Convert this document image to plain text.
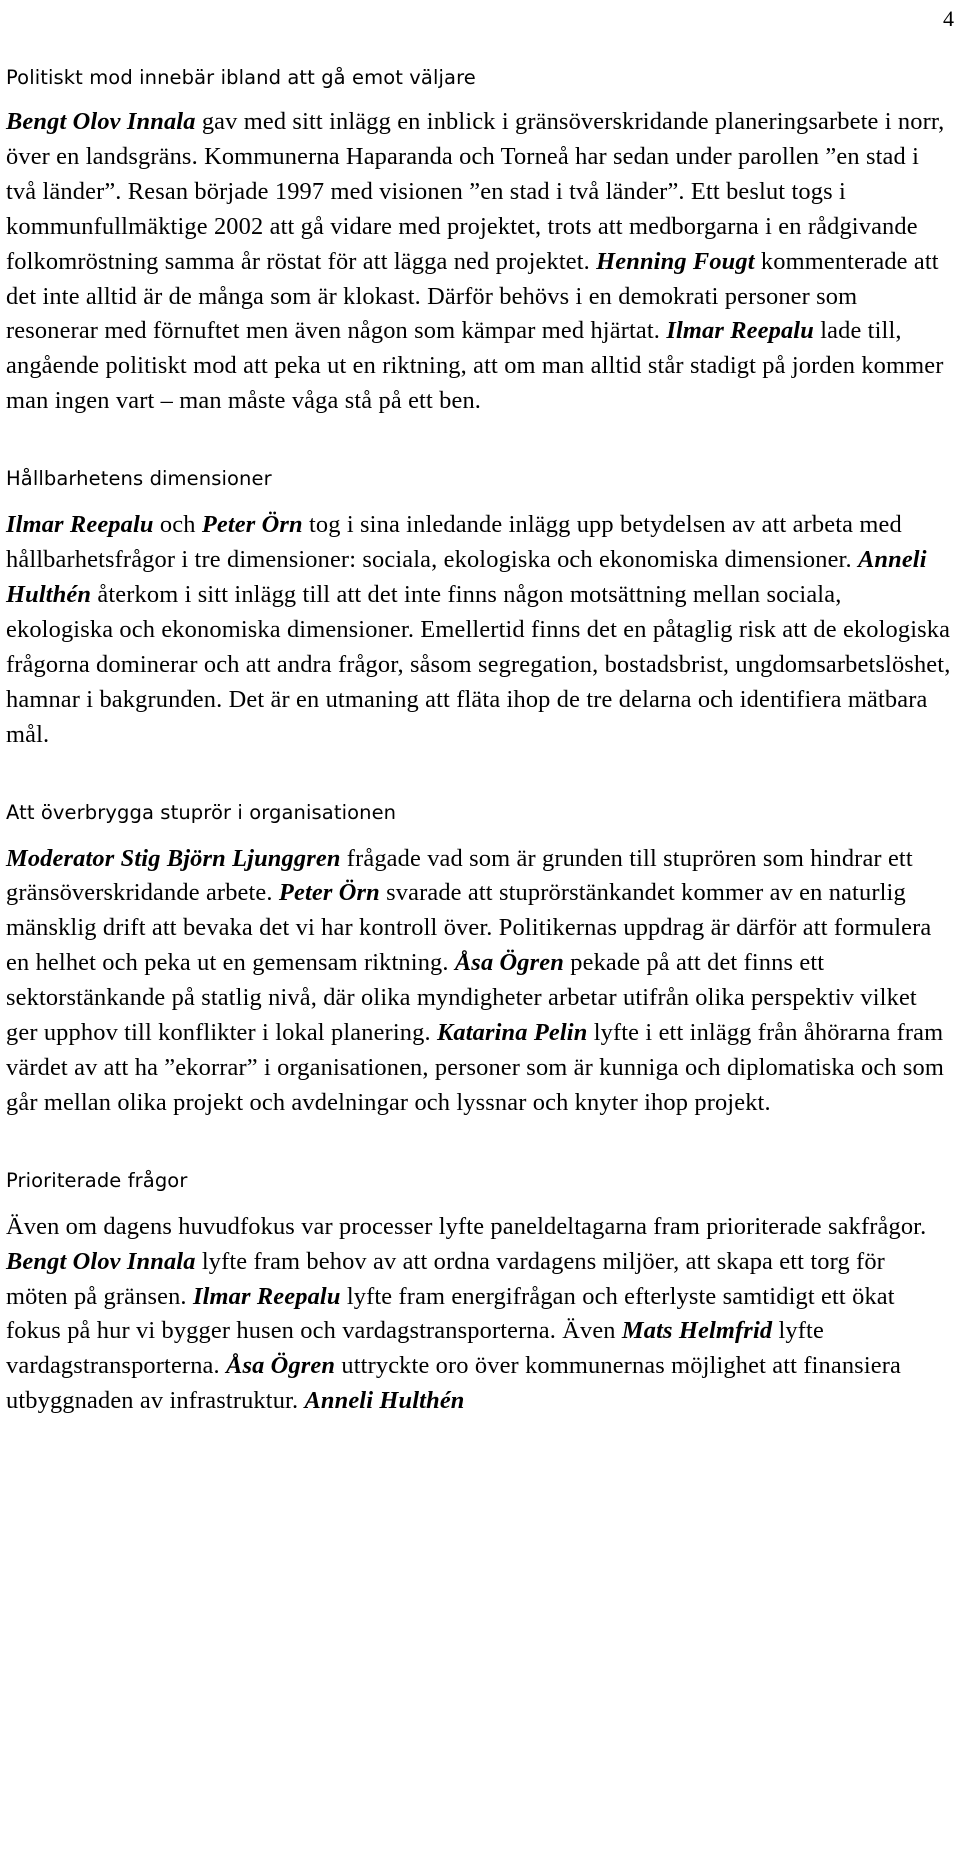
4
Politiskt mod innebär ibland att gå emot väljare

Bengt Olov Innala gav med sitt inlägg en inblick i gränsöverskridande planeringsarbete i norr, över en landsgräns. Kommunerna Haparanda och Torneå har sedan under parollen ”en stad i två länder”. Resan började 1997 med visionen ”en stad i två länder”. Ett beslut togs i kommunfullmäktige 2002 att gå vidare med projektet, trots att medborgarna i en rådgivande folkomröstning samma år röstat för att lägga ned projektet. Henning Fougt kommenterade att det inte alltid är de många som är klokast. Därför behövs i en demokrati personer som resonerar med förnuftet men även någon som kämpar med hjärtat. Ilmar Reepalu lade till, angående politiskt mod att peka ut en riktning, att om man alltid står stadigt på jorden kommer man ingen vart – man måste våga stå på ett ben.

Hållbarhetens dimensioner

Ilmar Reepalu och Peter Örn tog i sina inledande inlägg upp betydelsen av att arbeta med hållbarhetsfrågor i tre dimensioner: sociala, ekologiska och ekonomiska dimensioner. Anneli Hulthén återkom i sitt inlägg till att det inte finns någon motsättning mellan sociala, ekologiska och ekonomiska dimensioner. Emellertid finns det en påtaglig risk att de ekologiska frågorna dominerar och att andra frågor, såsom segregation, bostadsbrist, ungdomsarbetslöshet, hamnar i bakgrunden. Det är en utmaning att fläta ihop de tre delarna och identifiera mätbara mål.

Att överbrygga stuprör i organisationen

Moderator Stig Björn Ljunggren frågade vad som är grunden till stuprören som hindrar ett gränsöverskridande arbete. Peter Örn svarade att stuprörstänkandet kommer av en naturlig mänsklig drift att bevaka det vi har kontroll över. Politikernas uppdrag är därför att formulera en helhet och peka ut en gemensam riktning. Åsa Ögren pekade på att det finns ett sektorstänkande på statlig nivå, där olika myndigheter arbetar utifrån olika perspektiv vilket ger upphov till konflikter i lokal planering. Katarina Pelin lyfte i ett inlägg från åhörarna fram värdet av att ha ”ekorrar” i organisationen, personer som är kunniga och diplomatiska och som går mellan olika projekt och avdelningar och lyssnar och knyter ihop projekt.

Prioriterade frågor

Även om dagens huvudfokus var processer lyfte paneldeltagarna fram prioriterade sakfrågor. Bengt Olov Innala lyfte fram behov av att ordna vardagens miljöer, att skapa ett torg för möten på gränsen. Ilmar Reepalu lyfte fram energifrågan och efterlyste samtidigt ett ökat fokus på hur vi bygger husen och vardagstransporterna. Även Mats Helmfrid lyfte vardagstransporterna. Åsa Ögren uttryckte oro över kommunernas möjlighet att finansiera utbyggnaden av infrastruktur. Anneli Hulthén
